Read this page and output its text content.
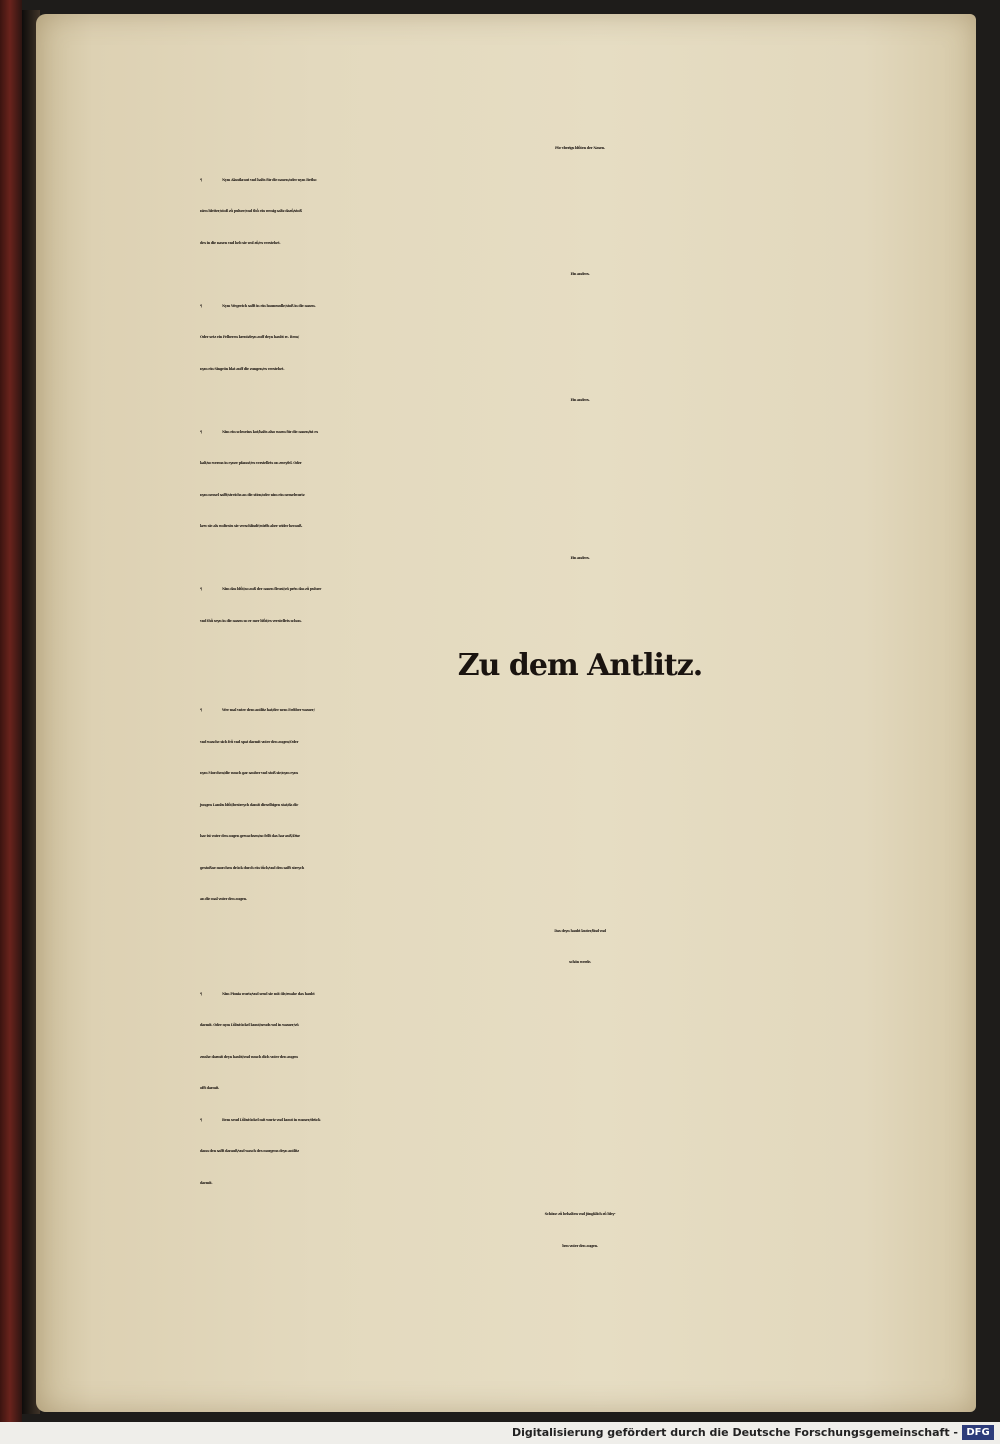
Für vberigs blůten der Nasen.
¶	Nym Alantkraut vnd halts für die nasen/oder nym Betho
nien bletter/stoß zů puluer/vnd thů ein wenig saltz dazů/stoß
des in die nasen vnd heb sie wol zů/es verstehet.
Ein anders.
¶	Nym Wegerich safft in ein baumwolle/stoß in die nasen.
Oder setz ein Felberen krentzleyn auff deyn haubt rc. Item/
nym ein Singrön blat auff die zungen/es verstehet.
Ein anders.
¶	Nim ein schweins kot/halts also warm für die nasen/ist es
kalt/so werms in eyner pfannē/es verstellets on zweyfel. Oder
nym nessel safft/streichs an die stirn/oder nim ein nesselwurtz
kew sie als woltestu sie verschlindē/wirffs aber wider herauß.
Ein anders.
¶	Nim das blůt/so auß der nasen fleust/vñ prēn das zů puluer
vnd thů seyn in die nasen so er mer blůt/es verstellets schon.
Zu dem Antlitz.
¶	Wer mal vnter dem antlitz hat/der nem Erdtber wasser/
vnd wasche sich frů vnd spat darmit vnter den augen/Oder
nym Morchen/die wasch gar sauber vnd stoß sie/nym eyns
jungen Lambs blůt/bestreych damit dieselbigen stat/da dir
har ist vnter den augen gewachsen/so fellt das har auß/Dise
gestoßne morchen drück durch ein tůch/vnd den safft streych
an die mal vnter den augen.
Das deyn haubt lauter/lind vnd
schön werde.
¶	Nim Pionia wurtz/vnd seud sie mit öle/zwahe das haubt
darmit. Oder nym Lůbstückel kraut/seuds wol in wasser/vñ
zwahe darmit deyn haubt/vnd wasch dich vnter den augen
offt darmit.
¶	Item seud Lůbstückel mit wurtz vnd kraut in wasser/drück
dann den safft darauß/vnd wasch des morgens deyn antlitz
darmit.
Schöne zů behalten vnd jüngklich zů bley-
ben vnter den augen.
Digitalisierung gefördert durch die Deutsche Forschungsgemeinschaft - DFG
